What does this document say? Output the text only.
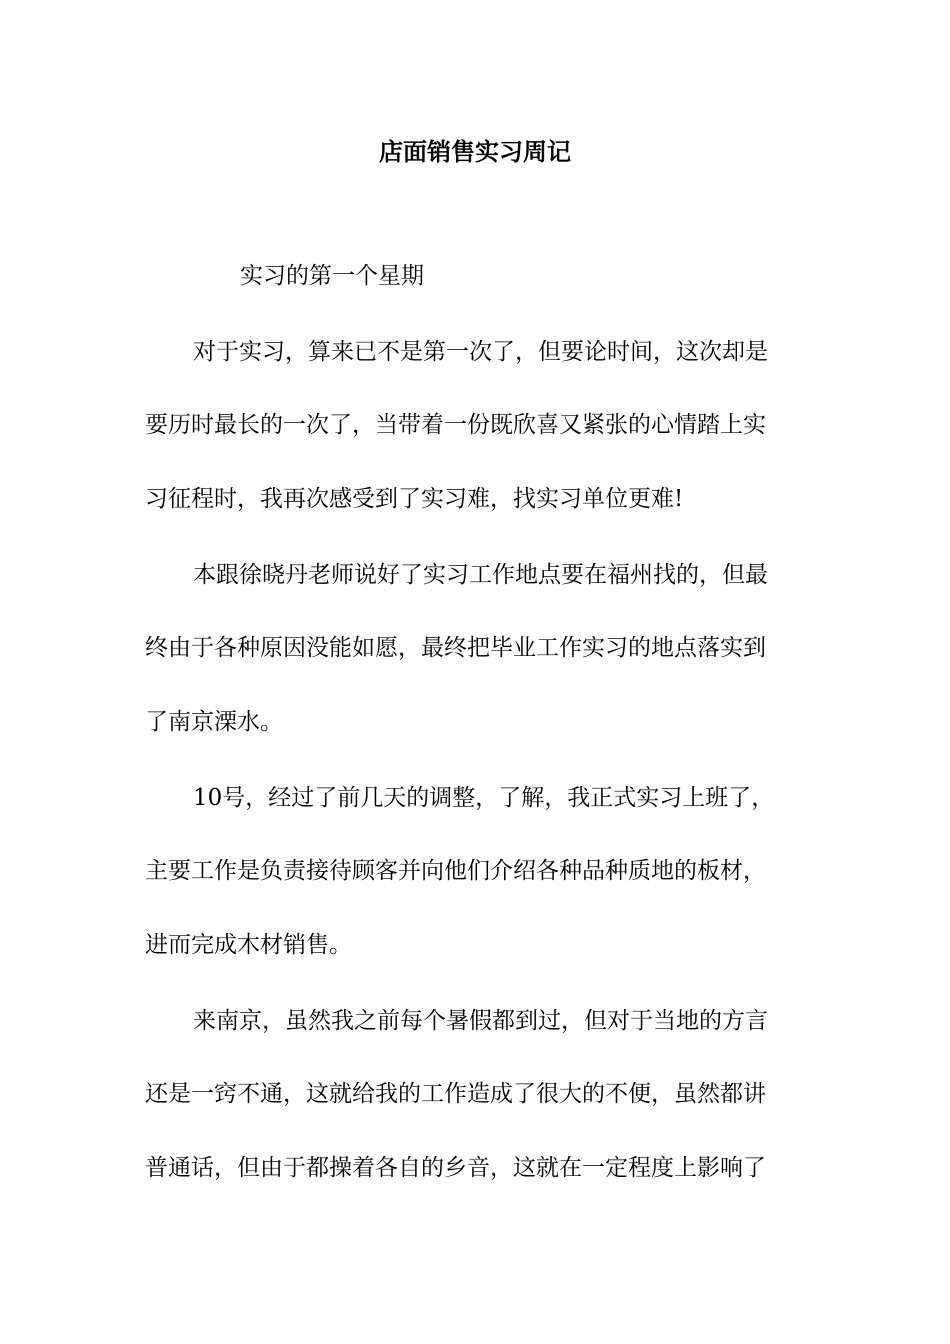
店面销售实习周记

实习的第一个星期

对于实习，算来已不是第一次了，但要论时间，这次却是

要历时最长的一次了，当带着一份既欣喜又紧张的心情踏上实

习征程时，我再次感受到了实习难，找实习单位更难!

本跟徐晓丹老师说好了实习工作地点要在福州找的，但最

终由于各种原因没能如愿，最终把毕业工作实习的地点落实到

了南京溧水。

10号，经过了前几天的调整，了解，我正式实习上班了，

主要工作是负责接待顾客并向他们介绍各种品种质地的板材，

进而完成木材销售。

来南京，虽然我之前每个暑假都到过，但对于当地的方言

还是一窍不通，这就给我的工作造成了很大的不便，虽然都讲

普通话，但由于都操着各自的乡音，这就在一定程度上影响了
